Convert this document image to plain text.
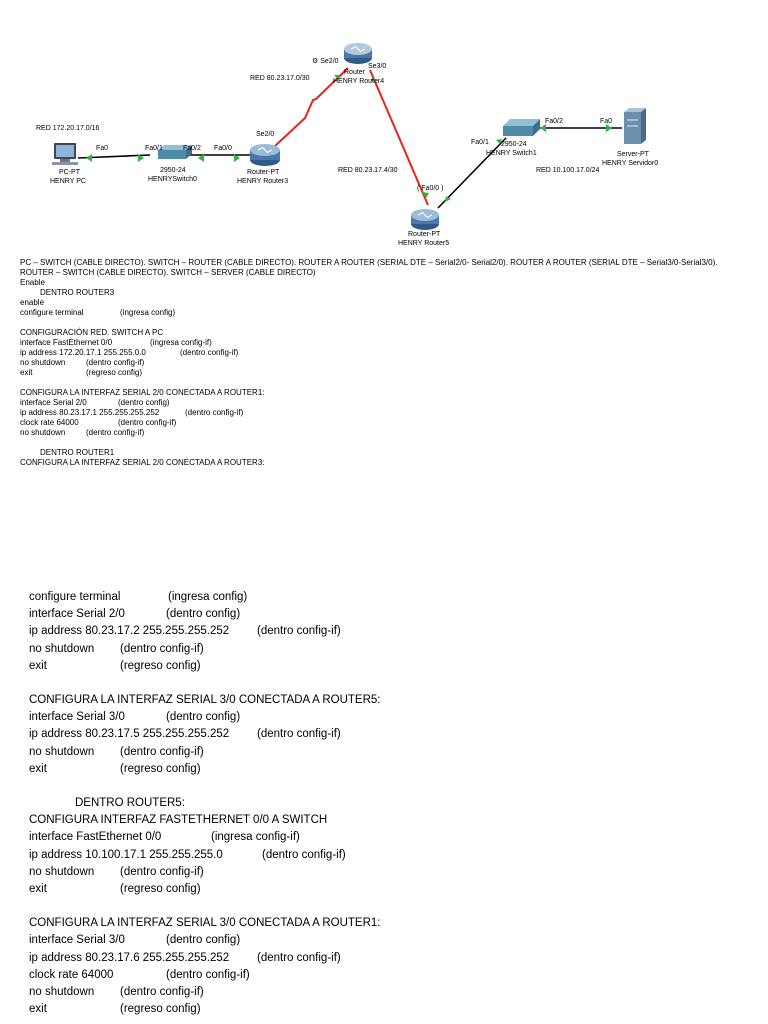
RED 172.20.17.0/16
Fa0
PC-PT
HENRY PC
Fa0/1	Fa0/2
2950-24
HENRYSwitch0
Fa0/0
Se2/0
Router-PT
HENRY Router3
RED 80.23.17.0/30
⚙ Se2/0
Se3/0
Router
HENRY Router4
RED 80.23.17.4/30
( Fa0/0 )
Router-PT
HENRY Router5
Fa0/1
Fa0/2
2950-24
HENRY Switch1
Fa0
Server-PT
HENRY Servidor0
RED 10.100.17.0/24
PC – SWITCH (CABLE DIRECTO). SWITCH – ROUTER (CABLE DIRECTO). ROUTER A ROUTER (SERIAL DTE – Serial2/0- Serial2/0). ROUTER A ROUTER (SERIAL DTE – Serial3/0-Serial3/0). ROUTER – SWITCH (CABLE DIRECTO). SWITCH – SERVER (CABLE DIRECTO)
Enable
DENTRO ROUTER3
enable
configure terminal	(ingresa config)
CONFIGURACIÓN RED. SWITCH A PC
interface FastEthernet 0/0	(ingresa config-if)
ip address 172.20.17.1 255.255.0.0	(dentro config-if)
no shutdown	(dentro config-if)
exit	(regreso config)
CONFIGURA LA INTERFAZ SERIAL 2/0 CONECTADA A ROUTER1:
interface Serial 2/0	(dentro config)
ip address 80.23.17.1 255.255.255.252	(dentro config-if)
clock rate 64000	(dentro config-if)
no shutdown	(dentro config-if)
DENTRO ROUTER1
CONFIGURA LA INTERFAZ SERIAL 2/0 CONECTADA A ROUTER3:
configure terminal	(ingresa config)
interface Serial 2/0	(dentro config)
ip address 80.23.17.2 255.255.255.252 (dentro config-if)
no shutdown (dentro config-if)
exit	(regreso config)
CONFIGURA LA INTERFAZ SERIAL 3/0 CONECTADA A ROUTER5:
interface Serial 3/0	(dentro config)
ip address 80.23.17.5 255.255.255.252 (dentro config-if)
no shutdown (dentro config-if)
exit	(regreso config)
DENTRO ROUTER5:
CONFIGURA INTERFAZ FASTETHERNET 0/0 A SWITCH
interface FastEthernet 0/0	(ingresa config-if)
ip address 10.100.17.1 255.255.255.0	(dentro config-if)
no shutdown (dentro config-if)
exit	(regreso config)
CONFIGURA LA INTERFAZ SERIAL 3/0 CONECTADA A ROUTER1:
interface Serial 3/0	(dentro config)
ip address 80.23.17.6 255.255.255.252 (dentro config-if)
clock rate 64000	(dentro config-if)
no shutdown (dentro config-if)
exit	(regreso config)
